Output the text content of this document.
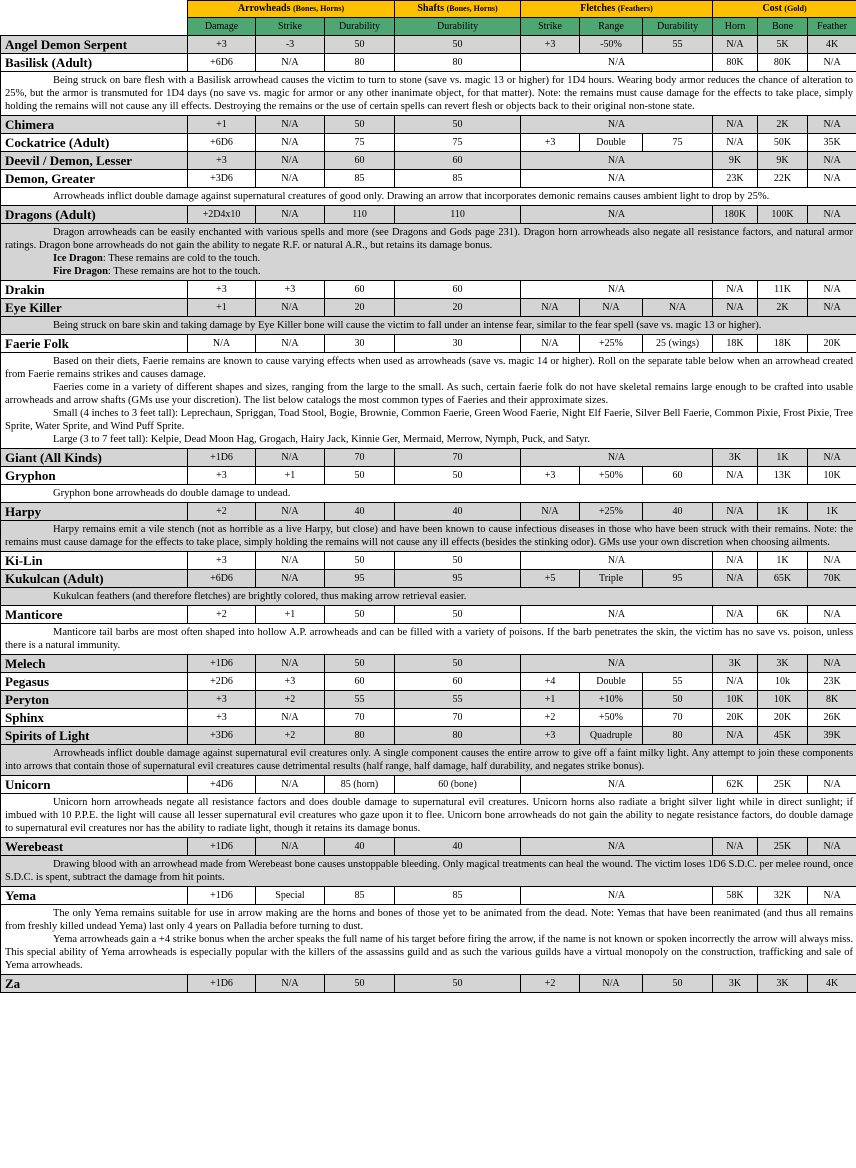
	Arrowheads (Bones, Horns)			Shafts (Bones, Horns)	Fletches (Feathers)			Cost (Gold)		
	Damage	Strike	Durability	Durability	Strike	Range	Durability	Horn	Bone	Feather
Angel Demon Serpent	+3	-3	50	50	+3	-50%	55	N/A	5K	4K
Basilisk (Adult)	+6D6	N/A	80	80	N/A			80K	80K	N/A

Being struck on bare flesh with a Basilisk arrowhead causes the victim to turn to stone (save vs. magic 13 or higher) for 1D4 hours. Wearing body armor reduces the chance of alteration to 25%, but the armor is transmuted for 1D4 days (no save vs. magic for armor or any other inanimate object, for that matter). Note: the remains must cause damage for the effects to take place, simply holding the remains will not cause any ill effects. Destroying the remains or the use of certain spells can revert flesh or objects back to their original non-stone state.										

Chimera	+1	N/A	50	50	N/A			N/A	2K	N/A
Cockatrice (Adult)	+6D6	N/A	75	75	+3	Double	75	N/A	50K	35K
Deevil / Demon, Lesser	+3	N/A	60	60	N/A			9K	9K	N/A
Demon, Greater	+3D6	N/A	85	85	N/A			23K	22K	N/A

Arrowheads inflict double damage against supernatural creatures of good only. Drawing an arrow that incorporates demonic remains causes ambient light to drop by 25%.										

Dragons (Adult)	+2D4x10	N/A	110	110	N/A			180K	100K	N/A

Dragon arrowheads can be easily enchanted with various spells and more (see Dragons and Gods page 231). Dragon horn arrowheads also negate all resistance factors, and natural armor ratings. Dragon bone arrowheads do not gain the ability to negate R.F. or natural A.R., but retains its damage bonus.

Ice Dragon: These remains are cold to the touch.

Fire Dragon: These remains are hot to the touch.										

Drakin	+3	+3	60	60	N/A			N/A	11K	N/A
Eye Killer	+1	N/A	20	20	N/A	N/A	N/A	N/A	2K	N/A

Being struck on bare skin and taking damage by Eye Killer bone will cause the victim to fall under an intense fear, similar to the fear spell (save vs. magic 13 or higher).										

Faerie Folk	N/A	N/A	30	30	N/A	+25%	25 (wings)	18K	18K	20K

Based on their diets, Faerie remains are known to cause varying effects when used as arrowheads (save vs. magic 14 or higher). Roll on the separate table below when an arrowhead created from Faerie remains strikes and causes damage.

Faeries come in a variety of different shapes and sizes, ranging from the large to the small. As such, certain faerie folk do not have skeletal remains large enough to be crafted into usable arrowheads and arrow shafts (GMs use your discretion). The list below catalogs the most common types of Faeries and their approximate sizes.

Small (4 inches to 3 feet tall): Leprechaun, Spriggan, Toad Stool, Bogie, Brownie, Common Faerie, Green Wood Faerie, Night Elf Faerie, Silver Bell Faerie, Common Pixie, Frost Pixie, Tree Sprite, Water Sprite, and Wind Puff Sprite.

Large (3 to 7 feet tall): Kelpie, Dead Moon Hag, Grogach, Hairy Jack, Kinnie Ger, Mermaid, Merrow, Nymph, Puck, and Satyr.										

Giant (All Kinds)	+1D6	N/A	70	70	N/A			3K	1K	N/A
Gryphon	+3	+1	50	50	+3	+50%	60	N/A	13K	10K

Gryphon bone arrowheads do double damage to undead.										

Harpy	+2	N/A	40	40	N/A	+25%	40	N/A	1K	1K

Harpy remains emit a vile stench (not as horrible as a live Harpy, but close) and have been known to cause infectious diseases in those who have been struck with their remains. Note: the remains must cause damage for the effects to take place, simply holding the remains will not cause any ill effects (besides the stinking odor). GMs use your own discretion when choosing ailments.										

Ki-Lin	+3	N/A	50	50	N/A			N/A	1K	N/A
Kukulcan (Adult)	+6D6	N/A	95	95	+5	Triple	95	N/A	65K	70K

Kukulcan feathers (and therefore fletches) are brightly colored, thus making arrow retrieval easier.										

Manticore	+2	+1	50	50	N/A			N/A	6K	N/A

Manticore tail barbs are most often shaped into hollow A.P. arrowheads and can be filled with a variety of poisons. If the barb penetrates the skin, the victim has no save vs. poison, unless there is a natural immunity.										

Melech	+1D6	N/A	50	50	N/A			3K	3K	N/A
Pegasus	+2D6	+3	60	60	+4	Double	55	N/A	10k	23K
Peryton	+3	+2	55	55	+1	+10%	50	10K	10K	8K
Sphinx	+3	N/A	70	70	+2	+50%	70	20K	20K	26K
Spirits of Light	+3D6	+2	80	80	+3	Quadruple	80	N/A	45K	39K

Arrowheads inflict double damage against supernatural evil creatures only. A single component causes the entire arrow to give off a faint milky light. Any attempt to join these components into arrows that contain those of supernatural evil creatures cause detrimental results (half range, half damage, half durability, and negates strike bonus).										

Unicorn	+4D6	N/A	85 (horn)	60 (bone)	N/A			62K	25K	N/A

Unicorn horn arrowheads negate all resistance factors and does double damage to supernatural evil creatures. Unicorn horns also radiate a bright silver light while in direct sunlight; if imbued with 10 P.P.E. the light will cause all lesser supernatural evil creatures who gaze upon it to flee. Unicorn bone arrowheads do not gain the ability to negate resistance factors, do double damage to supernatural evil creatures nor has the ability to radiate light, though it retains its damage bonus.										

Werebeast	+1D6	N/A	40	40	N/A			N/A	25K	N/A

Drawing blood with an arrowhead made from Werebeast bone causes unstoppable bleeding. Only magical treatments can heal the wound. The victim loses 1D6 S.D.C. per melee round, once S.D.C. is spent, subtract the damage from hit points.										

Yema	+1D6	Special	85	85	N/A			58K	32K	N/A

The only Yema remains suitable for use in arrow making are the horns and bones of those yet to be animated from the dead. Note: Yemas that have been reanimated (and thus all remains from freshly killed undead Yema) last only 4 years on Palladia before turning to dust.

Yema arrowheads gain a +4 strike bonus when the archer speaks the full name of his target before firing the arrow, if the name is not known or spoken incorrectly the arrow will always miss. This special ability of Yema arrowheads is especially popular with the killers of the assassins guild and as such the various guilds have a virtual monopoly on the construction, trafficking and sale of Yema arrowheads.										

Za	+1D6	N/A	50	50	+2	N/A	50	3K	3K	4K
